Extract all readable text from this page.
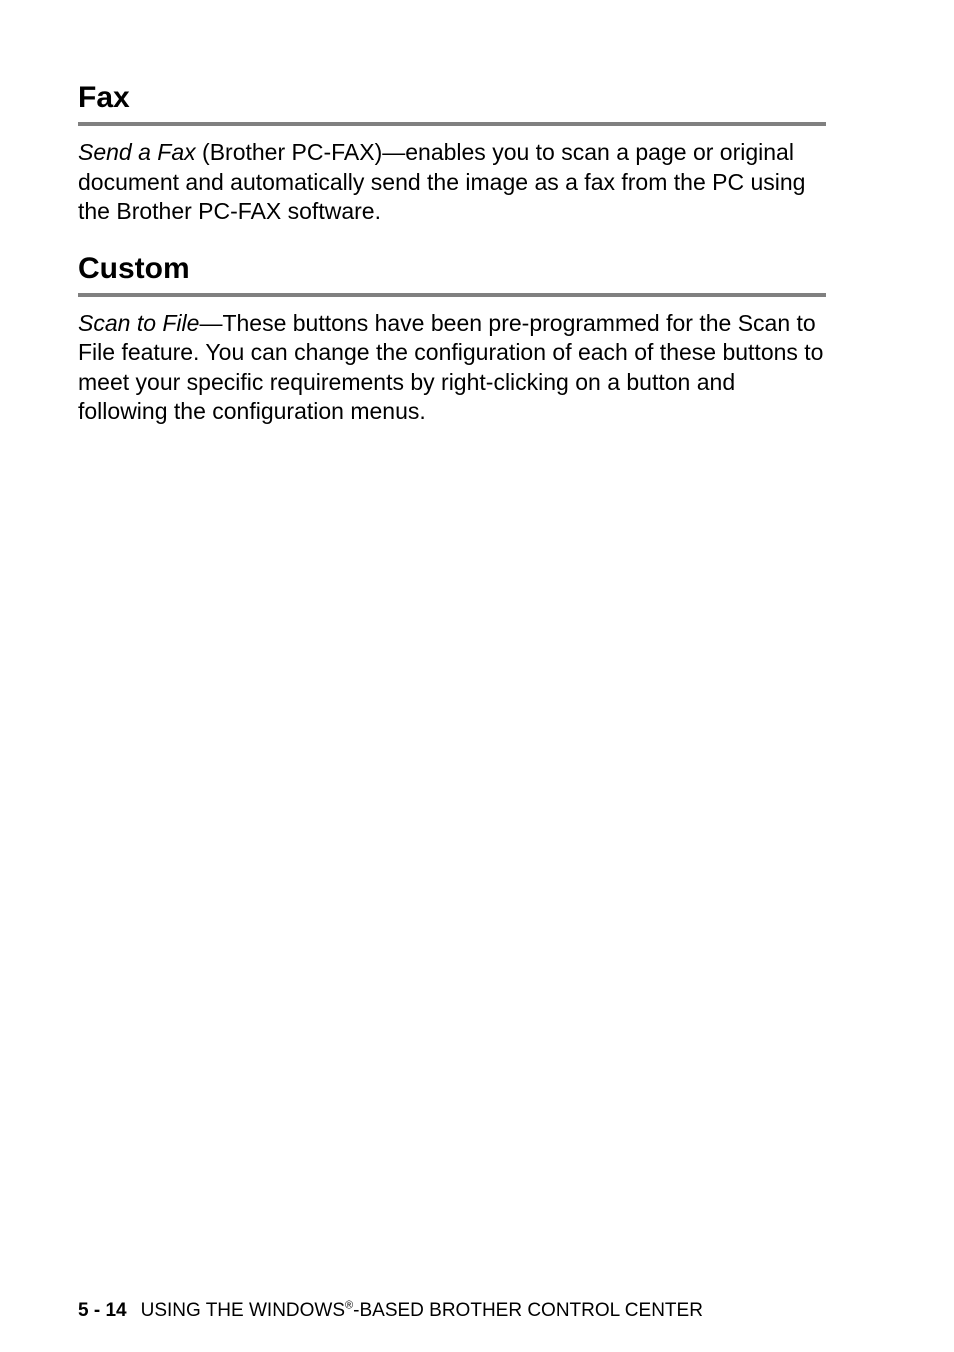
Fax

Send a Fax (Brother PC-FAX)—enables you to scan a page or original document and automatically send the image as a fax from the PC using the Brother PC-FAX software.

Custom

Scan to File—These buttons have been pre-programmed for the Scan to File feature. You can change the configuration of each of these buttons to meet your specific requirements by right-clicking on a button and following the configuration menus.

5 - 14 USING THE WINDOWS®-BASED BROTHER CONTROL CENTER
